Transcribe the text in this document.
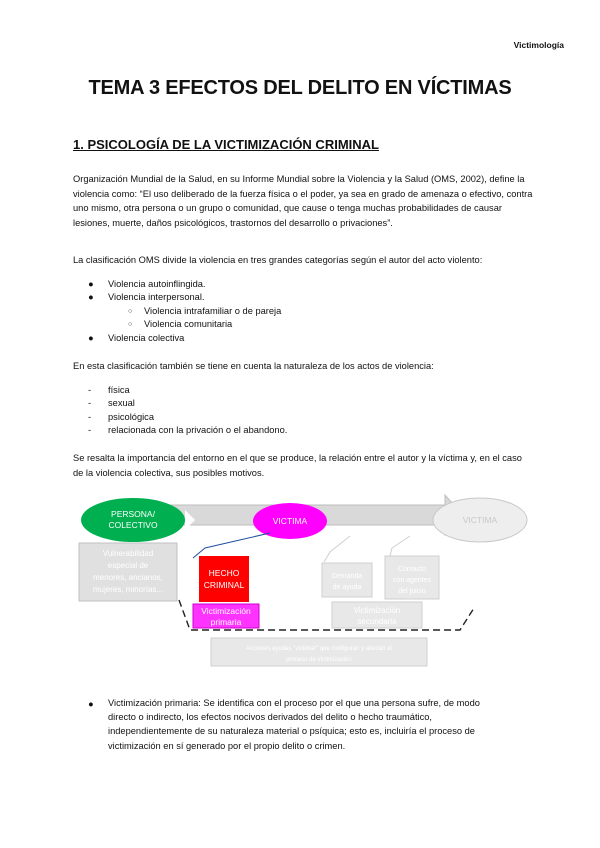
Victimología
TEMA 3 EFECTOS DEL DELITO EN VÍCTIMAS
1. PSICOLOGÍA DE LA VICTIMIZACIÓN CRIMINAL
Organización Mundial de la Salud, en su Informe Mundial sobre la Violencia y la Salud (OMS, 2002), define la violencia como: “El uso deliberado de la fuerza física o el poder, ya sea en grado de amenaza o efectivo, contra uno mismo, otra persona o un grupo o comunidad, que cause o tenga muchas probabilidades de causar lesiones, muerte, daños psicológicos, trastornos del desarrollo o privaciones”.
La clasificación OMS divide la violencia en tres grandes categorías según el autor del acto violento:
● Violencia autoinflingida.
● Violencia interpersonal.
○ Violencia intrafamiliar o de pareja
○ Violencia comunitaria
● Violencia colectiva
En esta clasificación también se tiene en cuenta la naturaleza de los actos de violencia:
- física
- sexual
- psicológica
- relacionada con la privación o el abandono.
Se resalta la importancia del entorno en el que se produce, la relación entre el autor y la víctima y, en el caso de la violencia colectiva, sus posibles motivos.
PERSONA/
COLECTIVO	VICTIMA	VICTIMA
Vulnerabilidad
especial de
menores, ancianos,
mujeres, minorías...
HECHO
CRIMINAL
Victimización
primaria
Demanda
de ayuda
Contacto
con agentes
del juicio
Victimización
secundaria
Acciones ayudas "victimar" que configuran y afectan al
proceso de víctimización
● Victimización primaria: Se identifica con el proceso por el que una persona sufre, de modo
directo o indirecto, los efectos nocivos derivados del delito o hecho traumático,
independientemente de su naturaleza material o psíquica; esto es, incluiría el proceso de
victimización en sí generado por el propio delito o crimen.
